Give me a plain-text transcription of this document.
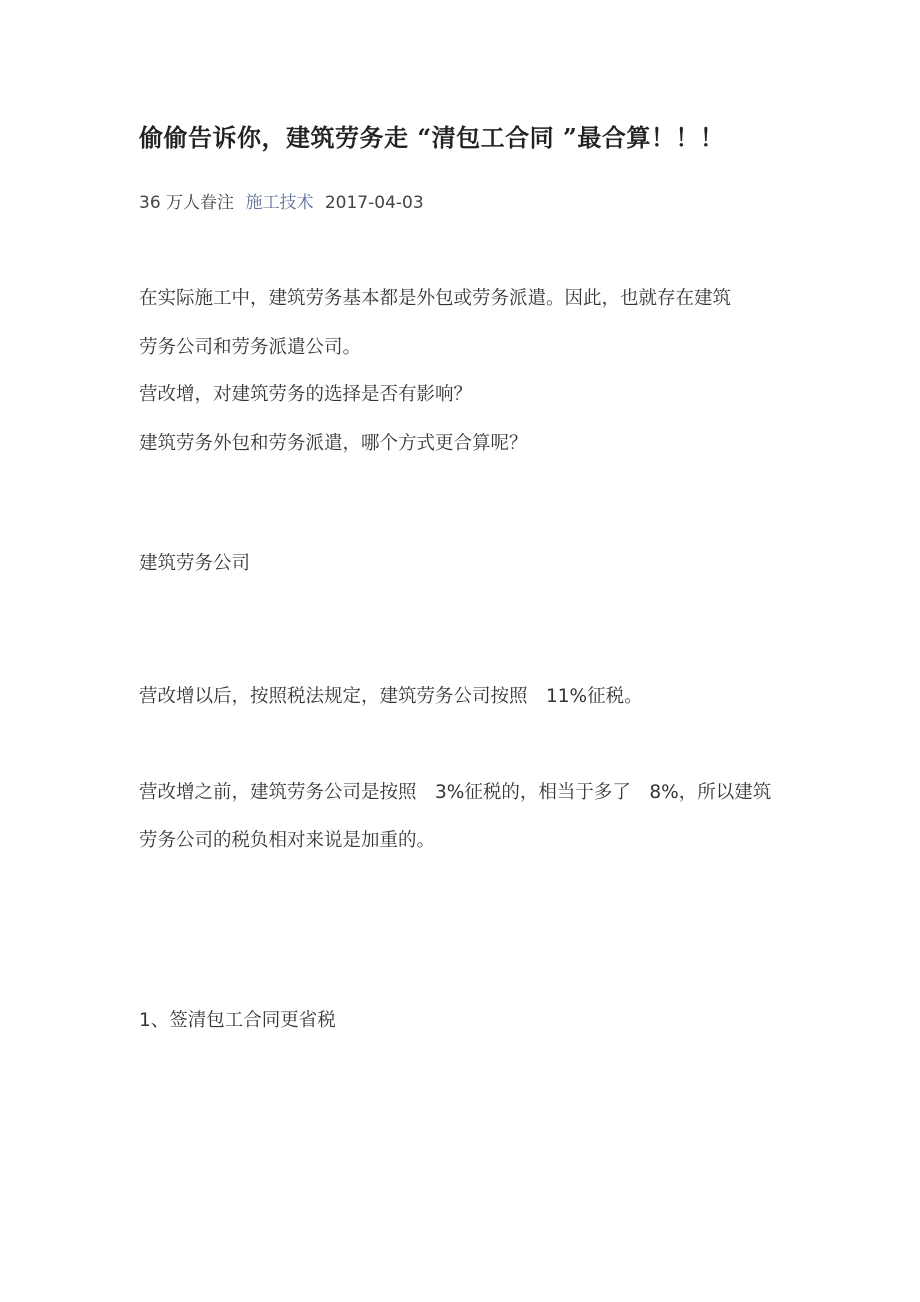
偷偷告诉你，建筑劳务走 “清包工合同 ”最合算！！！
36 万人眷注 施工技术 2017-04-03

在实际施工中，建筑劳务基本都是外包或劳务派遣。因此，也就存在建筑

劳务公司和劳务派遣公司。

营改增，对建筑劳务的选择是否有影响？

建筑劳务外包和劳务派遣，哪个方式更合算呢？

建筑劳务公司

营改增以后，按照税法规定，建筑劳务公司按照　11%征税。

营改增之前，建筑劳务公司是按照　3%征税的，相当于多了　8%，所以建筑

劳务公司的税负相对来说是加重的。

1、签清包工合同更省税
